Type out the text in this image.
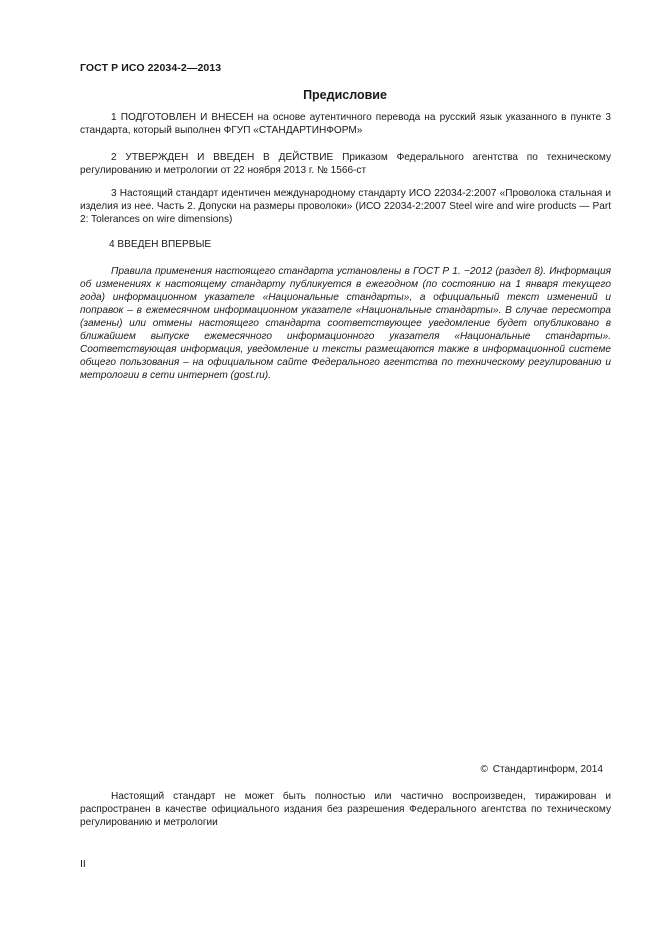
ГОСТ Р ИСО 22034-2—2013
Предисловие

1 ПОДГОТОВЛЕН И ВНЕСЕН на основе аутентичного перевода на русский язык указанного в пункте 3 стандарта, который выполнен ФГУП «СТАНДАРТИНФОРМ»

2 УТВЕРЖДЕН И ВВЕДЕН В ДЕЙСТВИЕ Приказом Федерального агентства по техническому регулированию и метрологии от 22 ноября 2013 г. № 1566-ст

3 Настоящий стандарт идентичен международному стандарту ИСО 22034-2:2007 «Проволока стальная и изделия из нее. Часть 2. Допуски на размеры проволоки» (ИСО 22034-2:2007 Steel wire and wire products — Part 2: Tolerances on wire dimensions)

4 ВВЕДЕН ВПЕРВЫЕ

Правила применения настоящего стандарта установлены в ГОСТ Р 1. −2012 (раздел 8). Информация об изменениях к настоящему стандарту публикуется в ежегодном (по состоянию на 1 января текущего года) информационном указателе «Национальные стандарты», а официальный текст изменений и поправок – в ежемесячном информационном указателе «Национальные стандарты». В случае пересмотра (замены) или отмены настоящего стандарта соответствующее уведомление будет опубликовано в ближайшем выпуске ежемесячного информационного указателя «Национальные стандарты». Соответствующая информация, уведомление и тексты размещаются также в информационной системе общего пользования – на официальном сайте Федерального агентства по техническому регулированию и метрологии в сети интернет (gost.ru).

© Стандартинформ, 2014

Настоящий стандарт не может быть полностью или частично воспроизведен, тиражирован и распространен в качестве официального издания без разрешения Федерального агентства по техническому регулированию и метрологии

II
